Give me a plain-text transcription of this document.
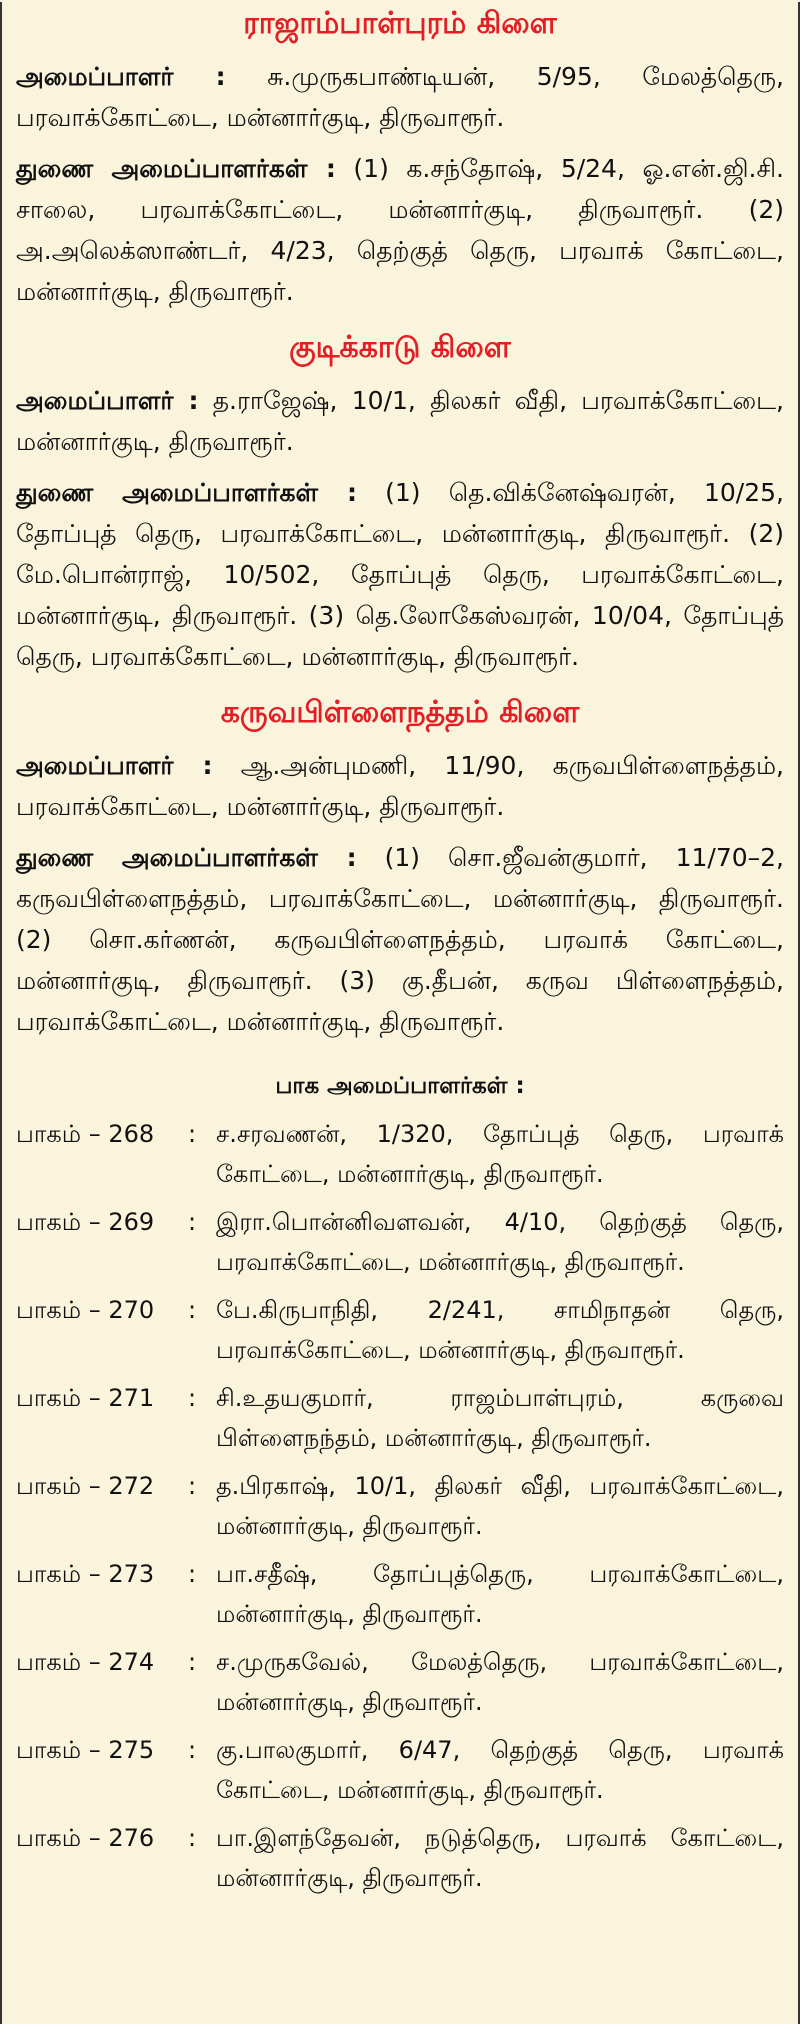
ராஜாம்பாள்புரம் கிளை

அமைப்பாளர் : சு.முருகபாண்டியன், 5/95, மேலத்தெரு, பரவாக்கோட்டை, மன்னார்குடி, திருவாரூர்.

துணை அமைப்பாளர்கள் : (1) க.சந்தோஷ், 5/24, ஓ.என்.ஜி.சி. சாலை, பரவாக்கோட்டை, மன்னார்குடி, திருவாரூர். (2) அ.அலெக்ஸாண்டர், 4/23, தெற்குத் தெரு, பரவாக் கோட்டை, மன்னார்குடி, திருவாரூர்.

குடிக்காடு கிளை

அமைப்பாளர் : த.ராஜேஷ், 10/1, திலகர் வீதி, பரவாக்கோட்டை, மன்னார்குடி, திருவாரூர்.

துணை அமைப்பாளர்கள் : (1) தெ.விக்னேஷ்வரன், 10/25, தோப்புத் தெரு, பரவாக்கோட்டை, மன்னார்குடி, திருவாரூர். (2) மே.பொன்ராஜ், 10/502, தோப்புத் தெரு, பரவாக்கோட்டை, மன்னார்குடி, திருவாரூர். (3) தெ.லோகேஸ்வரன், 10/04, தோப்புத் தெரு, பரவாக்கோட்டை, மன்னார்குடி, திருவாரூர்.

கருவபிள்ளைநத்தம் கிளை

அமைப்பாளர் : ஆ.அன்புமணி, 11/90, கருவபிள்ளைநத்தம், பரவாக்கோட்டை, மன்னார்குடி, திருவாரூர்.

துணை அமைப்பாளர்கள் : (1) சொ.ஜீவன்குமார், 11/70–2, கருவபிள்ளைநத்தம், பரவாக்கோட்டை, மன்னார்குடி, திருவாரூர். (2) சொ.கர்ணன், கருவபிள்ளைநத்தம், பரவாக் கோட்டை, மன்னார்குடி, திருவாரூர். (3) கு.தீபன், கருவ பிள்ளைநத்தம், பரவாக்கோட்டை, மன்னார்குடி, திருவாரூர்.

பாக அமைப்பாளர்கள் :
பாகம் – 268	: ச.சரவணன், 1/320, தோப்புத் தெரு, பரவாக் கோட்டை, மன்னார்குடி, திருவாரூர்.
பாகம் – 269	: இரா.பொன்னிவளவன், 4/10, தெற்குத் தெரு, பரவாக்கோட்டை, மன்னார்குடி, திருவாரூர்.
பாகம் – 270	: பே.கிருபாநிதி, 2/241, சாமிநாதன் தெரு, பரவாக்கோட்டை, மன்னார்குடி, திருவாரூர்.
பாகம் – 271	: சி.உதயகுமார், ராஜம்பாள்புரம், கருவை பிள்ளைநந்தம், மன்னார்குடி, திருவாரூர்.
பாகம் – 272	: த.பிரகாஷ், 10/1, திலகர் வீதி, பரவாக்கோட்டை, மன்னார்குடி, திருவாரூர்.
பாகம் – 273	: பா.சதீஷ், தோப்புத்தெரு, பரவாக்கோட்டை, மன்னார்குடி, திருவாரூர்.
பாகம் – 274	: ச.முருகவேல், மேலத்தெரு, பரவாக்கோட்டை, மன்னார்குடி, திருவாரூர்.
பாகம் – 275	: கு.பாலகுமார், 6/47, தெற்குத் தெரு, பரவாக் கோட்டை, மன்னார்குடி, திருவாரூர்.
பாகம் – 276	: பா.இளந்தேவன், நடுத்தெரு, பரவாக் கோட்டை, மன்னார்குடி, திருவாரூர்.
